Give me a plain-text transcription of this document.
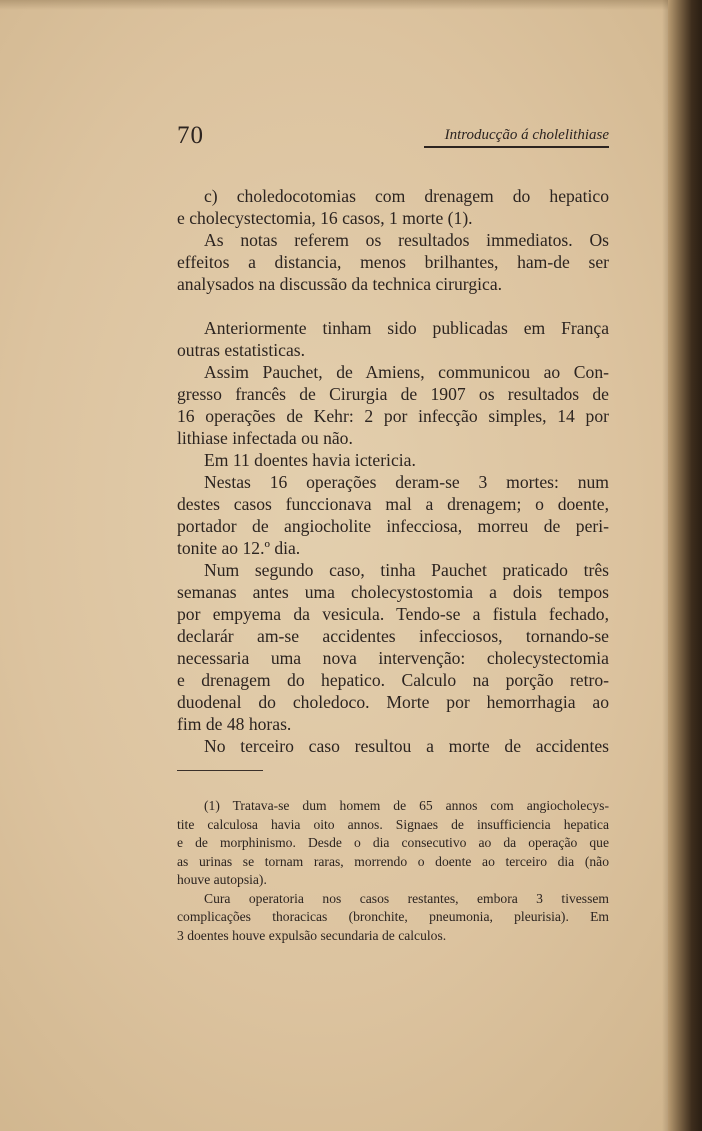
70	Introducção á cholelithiase

c) choledocotomias com drenagem do hepatico

e cholecystectomia, 16 casos, 1 morte (1).

As notas referem os resultados immediatos. Os

effeitos a distancia, menos brilhantes, ham-de ser

analysados na discussão da technica cirurgica.

Anteriormente tinham sido publicadas em França

outras estatisticas.

Assim Pauchet, de Amiens, communicou ao Con-

gresso francês de Cirurgia de 1907 os resultados de

16 operações de Kehr: 2 por infecção simples, 14 por

lithiase infectada ou não.

Em 11 doentes havia ictericia.

Nestas 16 operações deram-se 3 mortes: num

destes casos funccionava mal a drenagem; o doente,

portador de angiocholite infecciosa, morreu de peri-

tonite ao 12.º dia.

Num segundo caso, tinha Pauchet praticado três

semanas antes uma cholecystostomia a dois tempos

por empyema da vesicula. Tendo-se a fistula fechado,

declarár am-se accidentes infecciosos, tornando-se

necessaria uma nova intervenção: cholecystectomia

e drenagem do hepatico. Calculo na porção retro-

duodenal do choledoco. Morte por hemorrhagia ao

fim de 48 horas.

No terceiro caso resultou a morte de accidentes

(1) Tratava-se dum homem de 65 annos com angiocholecys-

tite calculosa havia oito annos. Signaes de insufficiencia hepatica

e de morphinismo. Desde o dia consecutivo ao da operação que

as urinas se tornam raras, morrendo o doente ao terceiro dia (não

houve autopsia).

Cura operatoria nos casos restantes, embora 3 tivessem

complicações thoracicas (bronchite, pneumonia, pleurisia). Em

3 doentes houve expulsão secundaria de calculos.
